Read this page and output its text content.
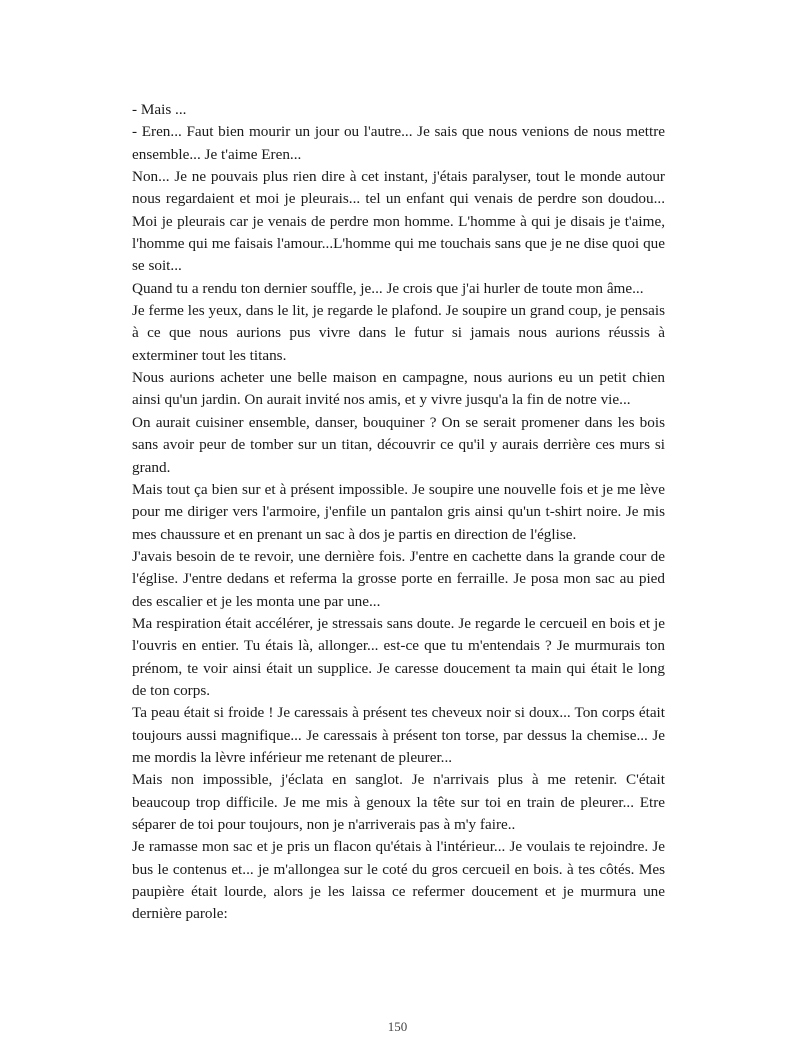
- Mais ...

- Eren... Faut bien mourir un jour ou l'autre... Je sais que nous venions de nous mettre ensemble... Je t'aime Eren...

Non... Je ne pouvais plus rien dire à cet instant, j'étais paralyser, tout le monde autour nous regardaient et moi je pleurais... tel un enfant qui venais de perdre son doudou... Moi je pleurais car je venais de perdre mon homme. L'homme à qui je disais je t'aime, l'homme qui me faisais l'amour...L'homme qui me touchais sans que je ne dise quoi que se soit...

Quand tu a rendu ton dernier souffle, je... Je crois que j'ai hurler de toute mon âme...

Je ferme les yeux, dans le lit, je regarde le plafond. Je soupire un grand coup, je pensais à ce que nous aurions pus vivre dans le futur si jamais nous aurions réussis à exterminer tout les titans.

Nous aurions acheter une belle maison en campagne, nous aurions eu un petit chien ainsi qu'un jardin. On aurait invité nos amis, et y vivre jusqu'a la fin de notre vie...

On aurait cuisiner ensemble, danser, bouquiner ? On se serait promener dans les bois sans avoir peur de tomber sur un titan, découvrir ce qu'il y aurais derrière ces murs si grand.

Mais tout ça bien sur et à présent impossible. Je soupire une nouvelle fois et je me lève pour me diriger vers l'armoire, j'enfile un pantalon gris ainsi qu'un t-shirt noire. Je mis mes chaussure et en prenant un sac à dos je partis en direction de l'église.

J'avais besoin de te revoir, une dernière fois. J'entre en cachette dans la grande cour de l'église. J'entre dedans et referma la grosse porte en ferraille. Je posa mon sac au pied des escalier et je les monta une par une...

Ma respiration était accélérer, je stressais sans doute. Je regarde le cercueil en bois et je l'ouvris en entier. Tu étais là, allonger... est-ce que tu m'entendais ? Je murmurais ton prénom, te voir ainsi était un supplice. Je caresse doucement ta main qui était le long de ton corps.

Ta peau était si froide ! Je caressais à présent tes cheveux noir si doux... Ton corps était toujours aussi magnifique... Je caressais à présent ton torse, par dessus la chemise... Je me mordis la lèvre inférieur me retenant de pleurer...

Mais non impossible, j'éclata en sanglot. Je n'arrivais plus à me retenir. C'était beaucoup trop difficile. Je me mis à genoux la tête sur toi en train de pleurer... Etre séparer de toi pour toujours, non je n'arriverais pas à m'y faire..

Je ramasse mon sac et je pris un flacon qu'étais à l'intérieur... Je voulais te rejoindre. Je bus le contenus et... je m'allongea sur le coté du gros cercueil en bois. à tes côtés. Mes paupière était lourde, alors je les laissa ce refermer doucement et je murmura une dernière parole:

150
